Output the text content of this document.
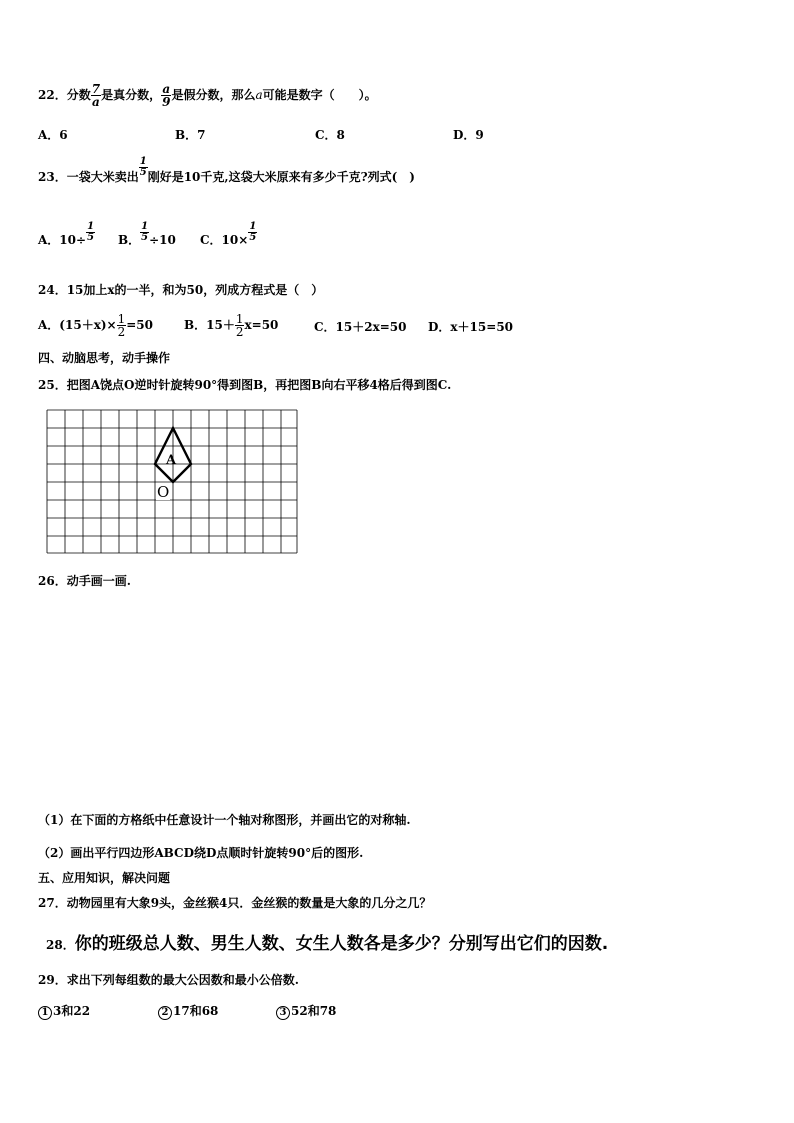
22．分数 $\frac{7}{a}$ 是真分数， $\frac{a}{9}$ 是假分数，那么a可能是数字（　　）。
A．6	B．7	C．8	D．9
23．一袋大米卖出 $\frac{1}{5}$ 刚好是10千克,这袋大米原来有多少千克?列式(　)
A．$10\div \frac{1}{5}$ B． $\frac{1}{5} \div 10$ C．$10\times \frac{1}{5}$
24．15加上x的一半，和为50，列成方程式是（　）
A．$(15+x)\times \frac{1}{2} =50$	B．$15+ \frac{1}{2} x=50$	C．15＋2x=50 D．x＋15=50
四、动脑思考，动手操作
25．把图A饶点O逆时针旋转90°得到图B，再把图B向右平移4格后得到图C.
A
O
26．动手画一画.
（1）在下面的方格纸中任意设计一个轴对称图形，并画出它的对称轴.
（2）画出平行四边形ABCD绕D点顺时针旋转90°后的图形.
五、应用知识，解决问题
27．动物园里有大象9头，金丝猴4只．金丝猴的数量是大象的几分之几？
28．你的班级总人数、男生人数、女生人数各是多少？分别写出它们的因数.
29．求出下列每组数的最大公因数和最小公倍数.
1 3和22	2 17和68	3 52和78
